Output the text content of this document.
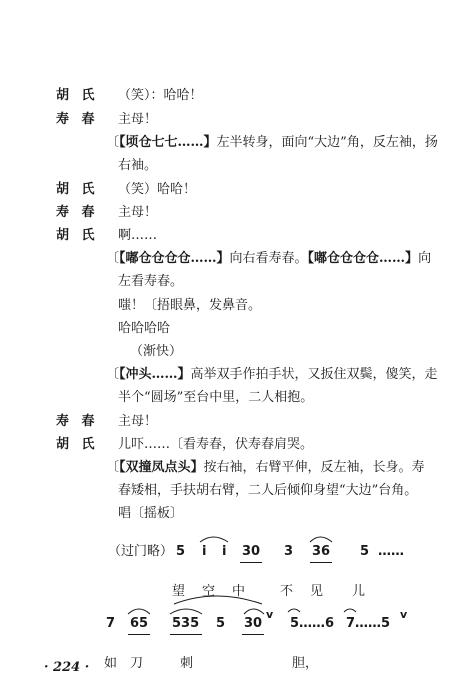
胡 氏 （笑）：哈哈！
寿 春 主母！
〔【顷仓七七……】左半转身，面向“大边”角，反左袖，扬
右袖。
胡 氏 （笑）哈哈！
寿 春 主母！
胡 氏 啊……
〔【嘟仓仓仓仓……】向右看寿春。【嘟仓仓仓仓……】向
左看寿春。
嗤！〔捂眼鼻，发鼻音。
哈哈哈哈
（渐快）
〔【冲头……】高举双手作拍手状，又扳住双鬓，傻笑，走
半个“圆场”至台中里，二人相抱。
寿 春 主母！
胡 氏 儿吓……〔看寿春，伏寿春肩哭。
〔【双撞凤点头】按右袖，右臂平伸，反左袖，长身。寿
春矮相，手扶胡右臂，二人后倾仰身望“大边”台角。
唱〔摇板〕
（过门略） 5 i i 30 3 36 5 ……
望 空 中	不 见 儿
7 65 535 5 30
v
5……6 7……5
v
如 刀	刺	胆，
· 224 ·
